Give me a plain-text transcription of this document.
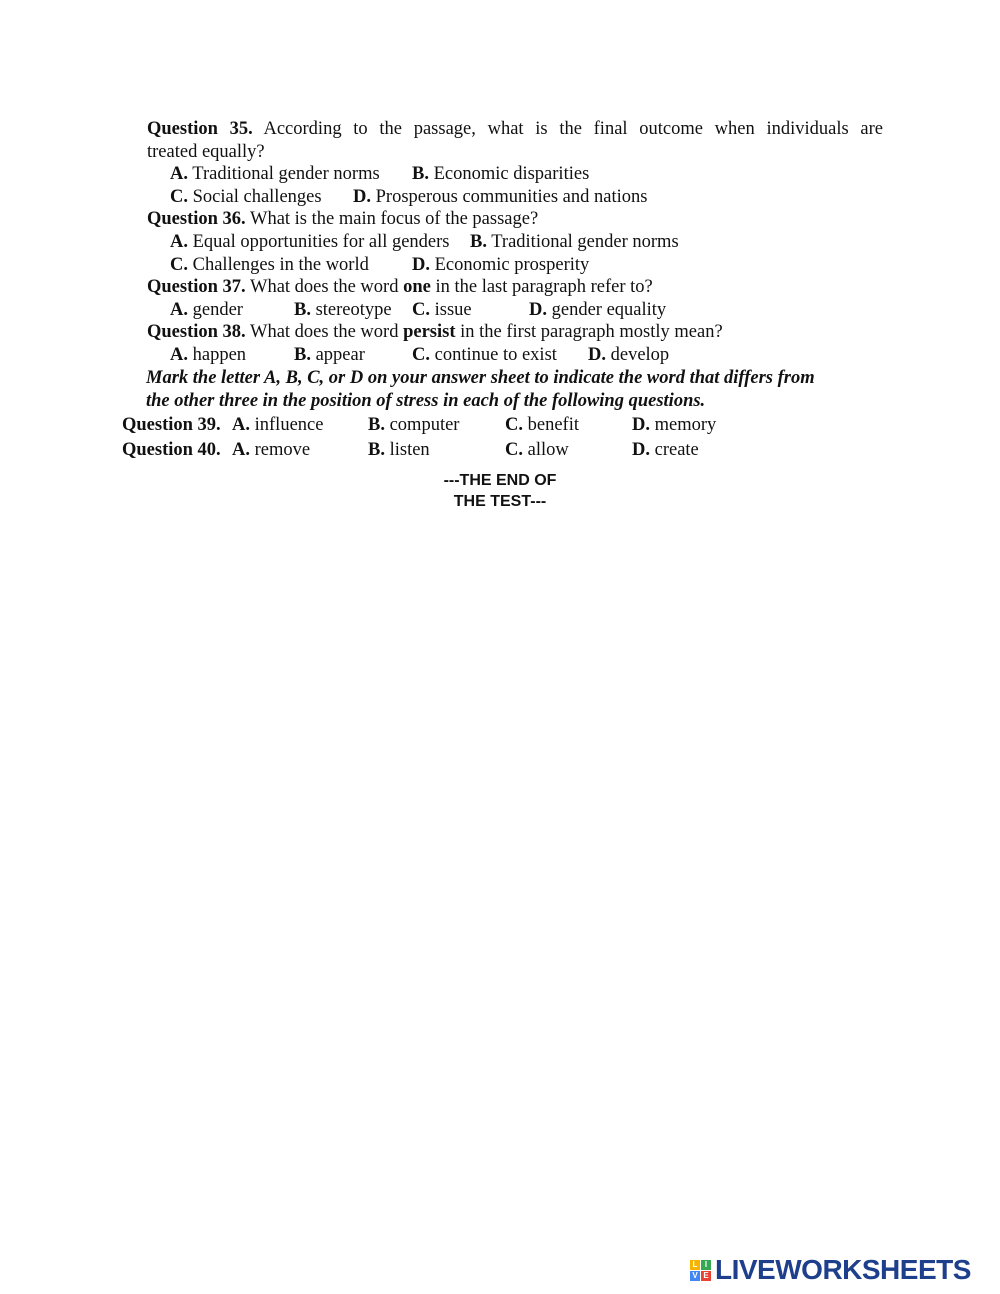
Question 35. According to the passage, what is the final outcome when individuals are
treated equally?
A. Traditional gender norms B. Economic disparities
C. Social challenges D. Prosperous communities and nations
Question 36. What is the main focus of the passage?
A. Equal opportunities for all genders B. Traditional gender norms
C. Challenges in the world D. Economic prosperity
Question 37. What does the word one in the last paragraph refer to?
A. gender	B. stereotype C. issue	D. gender equality
Question 38. What does the word persist in the first paragraph mostly mean?
A. happen	B. appear	C. continue to exist D. develop
Mark the letter A, B, C, or D on your answer sheet to indicate the word that differs from
the other three in the position of stress in each of the following questions.
Question 39. A. influence B. computer C. benefit	D. memory
Question 40. A. remove	B. listen	C. allow	D. create
---THE END OF
THE TEST---
L I
V E LIVEWORKSHEETS
